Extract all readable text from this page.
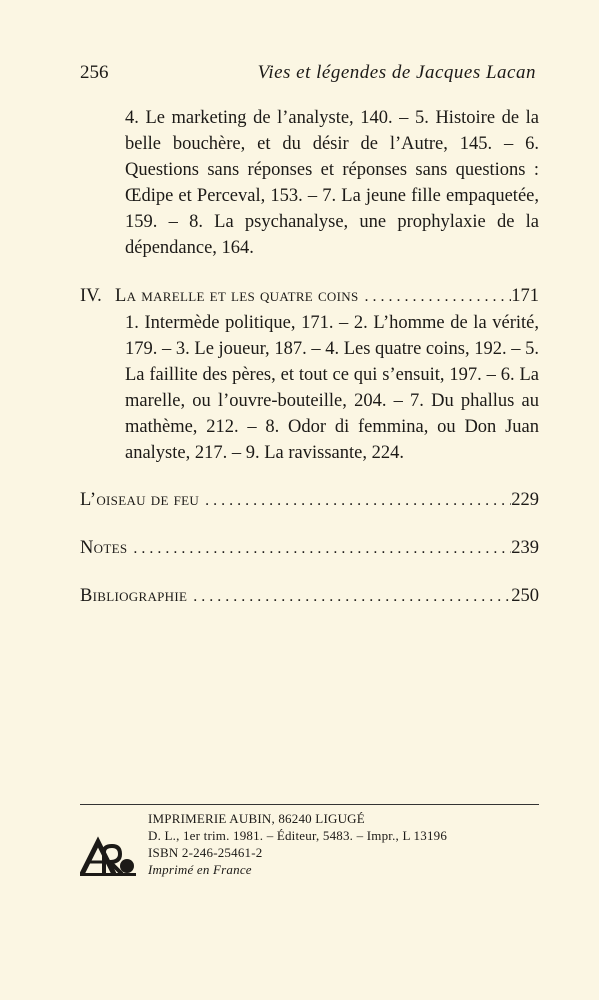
256	Vies et légendes de Jacques Lacan
4. Le marketing de l’analyste, 140. – 5. Histoire de la belle bouchère, et du désir de l’Autre, 145. – 6. Questions sans réponses et réponses sans questions : Œdipe et Perceval, 153. – 7. La jeune fille empaquetée, 159. – 8. La psychanalyse, une prophylaxie de la dépendance, 164.
IV. La marelle et les quatre coins . . .	171
1. Intermède politique, 171. – 2. L’homme de la vérité, 179. – 3. Le joueur, 187. – 4. Les quatre coins, 192. – 5. La faillite des pères, et tout ce qui s’ensuit, 197. – 6. La marelle, ou l’ouvre-bouteille, 204. – 7. Du phallus au mathème, 212. – 8. Odor di femmina, ou Don Juan analyste, 217. – 9. La ravissante, 224.
L’oiseau de feu . . .	229
Notes . . .	239
Bibliographie . . .	250
IMPRIMERIE AUBIN, 86240 LIGUGÉ
D. L., 1er trim. 1981. – Éditeur, 5483. – Impr., L 13196
ISBN 2-246-25461-2
Imprimé en France
